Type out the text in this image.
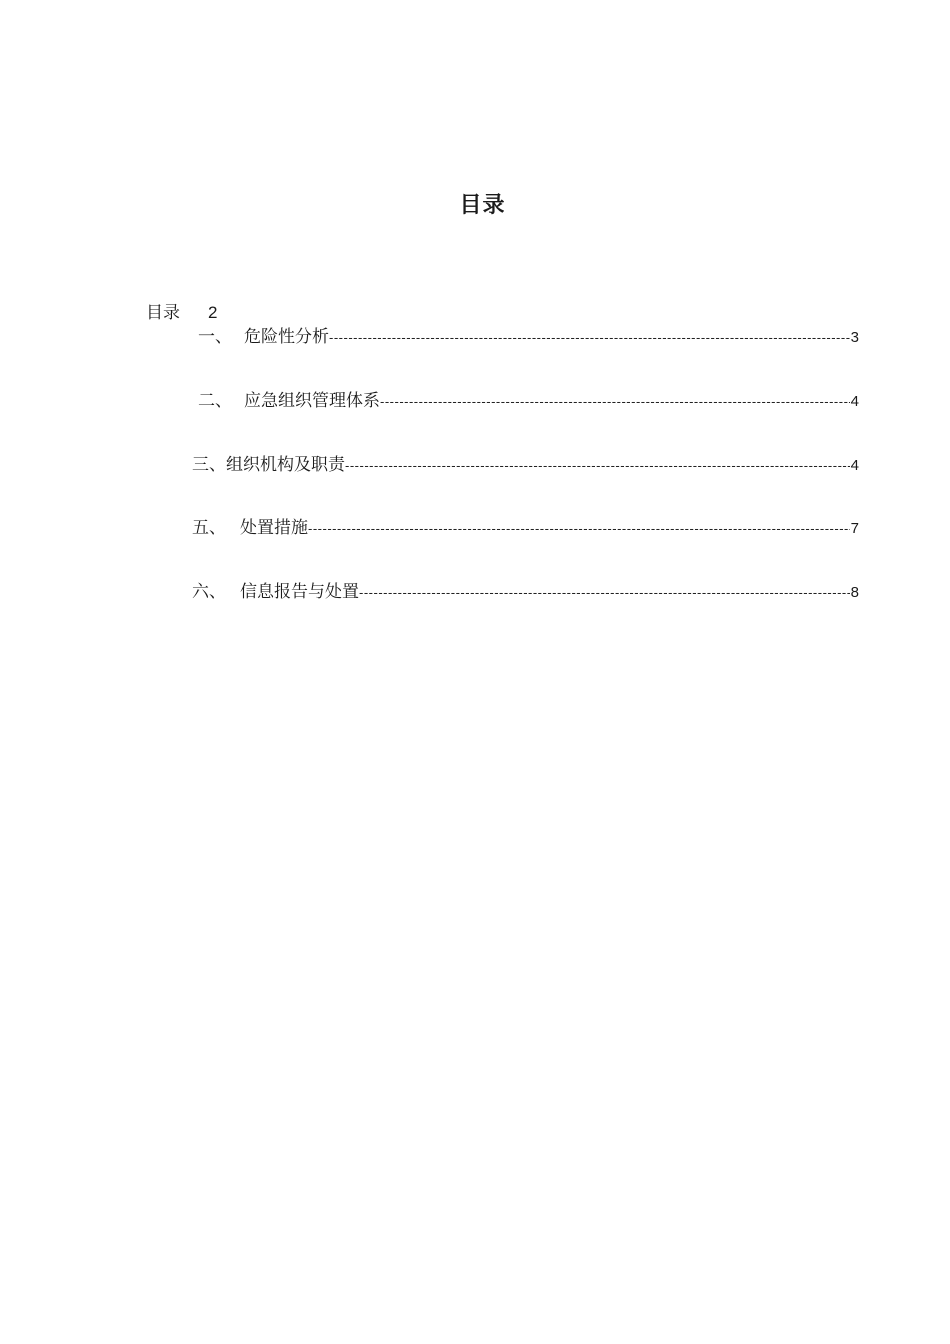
目录
目录 2
一、 危险性分析 -----	3
二、 应急组织管理体系 -----	4
三、 组织机构及职责 -----	4
五、 处置措施 -----	7
六、 信息报告与处置 -----	8
